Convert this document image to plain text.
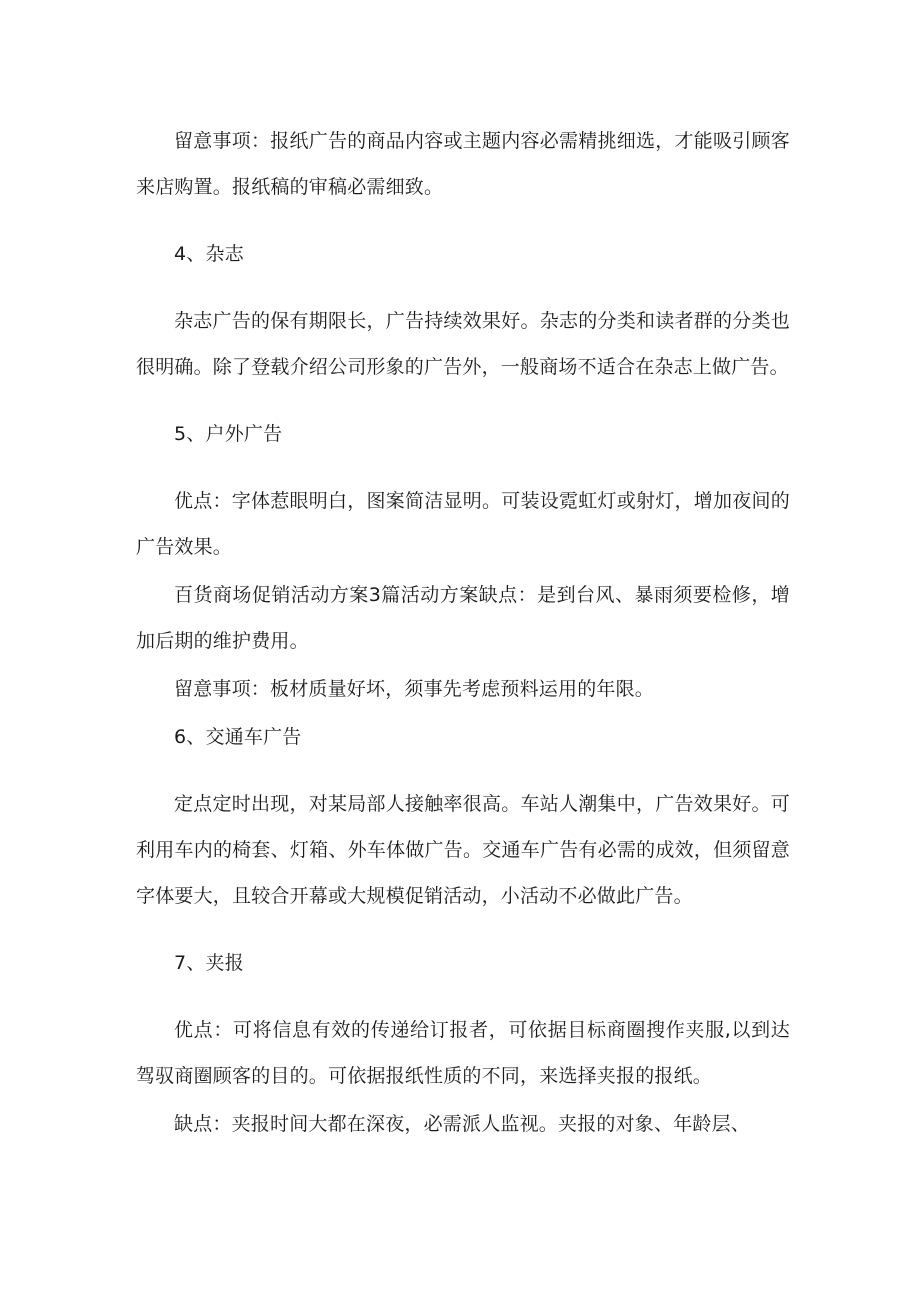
留意事项：报纸广告的商品内容或主题内容必需精挑细选，才能吸引顾客来店购置。报纸稿的审稿必需细致。

4、杂志

杂志广告的保有期限长，广告持续效果好。杂志的分类和读者群的分类也很明确。除了登载介绍公司形象的广告外，一般商场不适合在杂志上做广告。

5、户外广告

优点：字体惹眼明白，图案简洁显明。可装设霓虹灯或射灯，增加夜间的广告效果。

百货商场促销活动方案3篇活动方案缺点：是到台风、暴雨须要检修，增加后期的维护费用。

留意事项：板材质量好坏，须事先考虑预料运用的年限。

6、交通车广告

定点定时出现，对某局部人接触率很高。车站人潮集中，广告效果好。可利用车内的椅套、灯箱、外车体做广告。交通车广告有必需的成效，但须留意字体要大，且较合开幕或大规模促销活动，小活动不必做此广告。

7、夹报

优点：可将信息有效的传递给订报者，可依据目标商圈搜作夹服,以到达驾驭商圈顾客的目的。可依据报纸性质的不同，来选择夹报的报纸。

缺点：夹报时间大都在深夜，必需派人监视。夹报的对象、年龄层、
